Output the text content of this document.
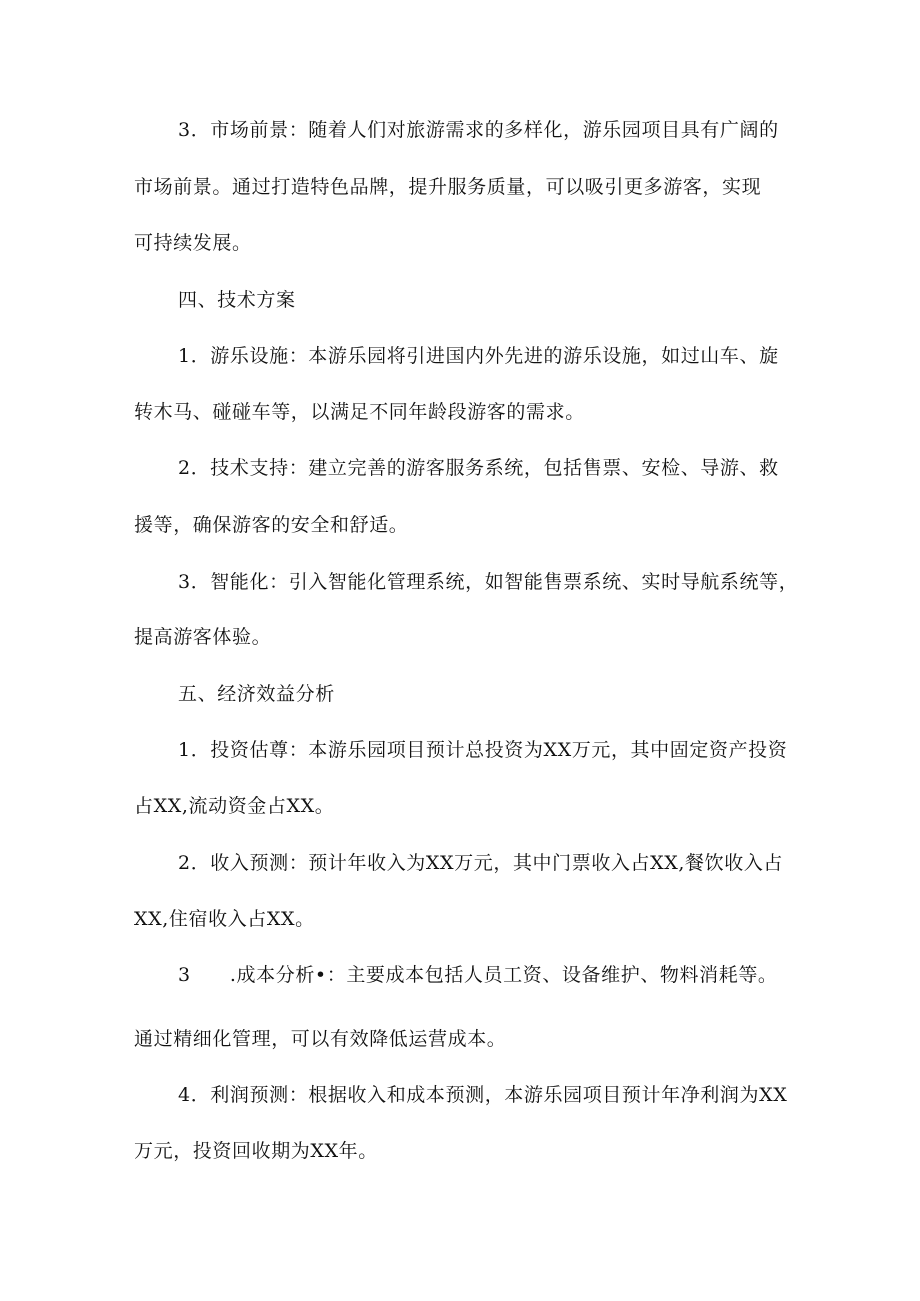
3．市场前景：随着人们对旅游需求的多样化，游乐园项目具有广阔的
市场前景。通过打造特色品牌，提升服务质量，可以吸引更多游客，实现
可持续发展。
四、技术方案
1．游乐设施：本游乐园将引进国内外先进的游乐设施，如过山车、旋
转木马、碰碰车等，以满足不同年龄段游客的需求。
2．技术支持：建立完善的游客服务系统，包括售票、安检、导游、救
援等，确保游客的安全和舒适。
3．智能化：引入智能化管理系统，如智能售票系统、实时导航系统等，
提高游客体验。
五、经济效益分析
1．投资估尊：本游乐园项目预计总投资为XX万元，其中固定资产投资
占XX,流动资金占XX。
2．收入预测：预计年收入为XX万元，其中门票收入占XX,餐饮收入占
XX,住宿收入占XX。
3　　.成本分析•：主要成本包括人员工资、设备维护、物料消耗等。
通过精细化管理，可以有效降低运营成本。
4．利润预测：根据收入和成本预测，本游乐园项目预计年净利润为XX
万元，投资回收期为XX年。
